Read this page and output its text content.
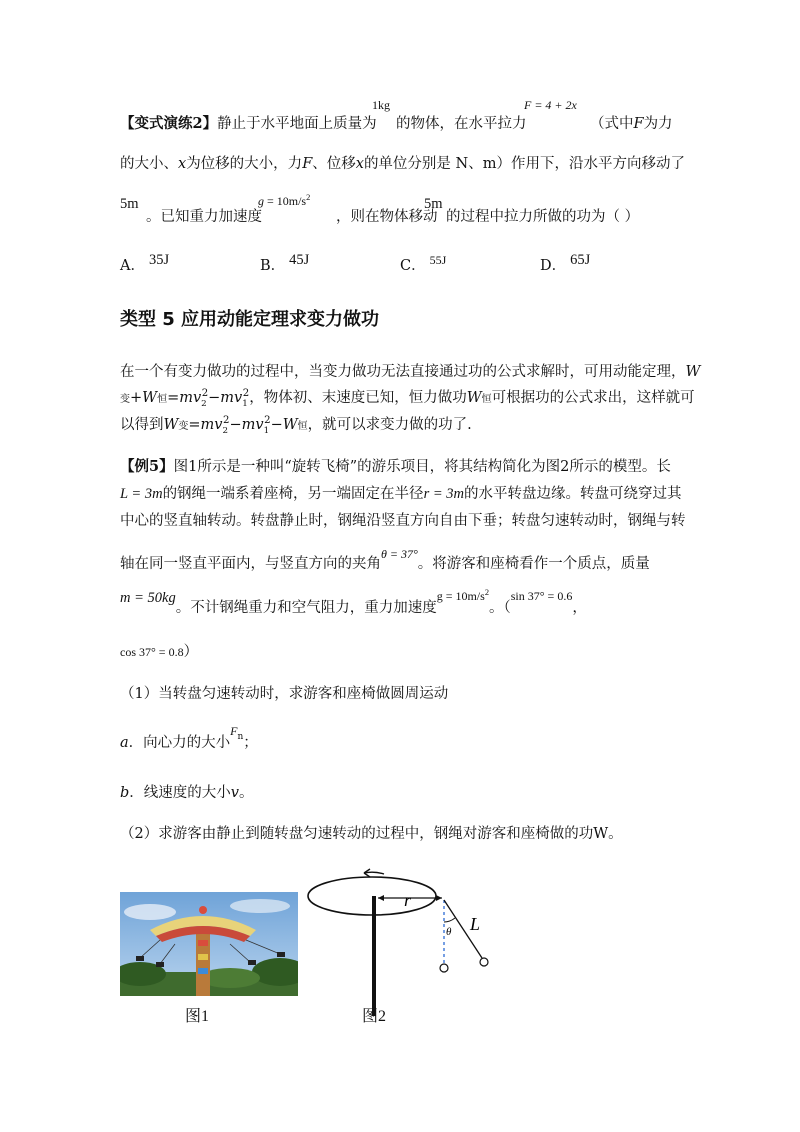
【变式演练2】静止于水平地面上质量为
1kg
的物体，在水平拉力
F = 4 + 2x
（式中F为力
的大小、x为位移的大小，力F、位移x的单位分别是 N、m）作用下，沿水平方向移动了
5m
。已知重力加速度
$g = 10m/s^2$
，则在物体移动
5m
的过程中拉力所做的功为（ ）
A． 35J	B． 45J	C． $^{55J}$	D． 65J
类型 5 应用动能定理求变力做功
在一个有变力做功的过程中，当变力做功无法直接通过功的公式求解时，可用动能定理，W
变+W恒$=mv_2^2-mv_1^2$，物体初、末速度已知，恒力做功W恒可根据功的公式求出，这样就可
以得到W变$=mv_2^2-mv_1^2-W$恒，就可以求变力做的功了.
【例5】图1所示是一种叫“旋转飞椅”的游乐项目，将其结构简化为图2所示的模型。长
L = 3m的钢绳一端系着座椅，另一端固定在半径r = 3m的水平转盘边缘。转盘可绕穿过其
中心的竖直轴转动。转盘静止时，钢绳沿竖直方向自由下垂；转盘匀速转动时，钢绳与转
轴在同一竖直平面内，与竖直方向的夹角$^{\theta = 37^\circ}$。将游客和座椅看作一个质点，质量
m = 50kg。不计钢绳重力和空气阻力，重力加速度$^{g = 10m/s^2}$。（$^{sin 37^\circ = 0.6}$，
cos 37° = 0.8）
（1）当转盘匀速转动时，求游客和座椅做圆周运动
a．向心力的大小$^F$n；
b．线速度的大小v。
（2）求游客由静止到随转盘匀速转动的过程中，钢绳对游客和座椅做的功W。
图1
r
L
θ
图2
